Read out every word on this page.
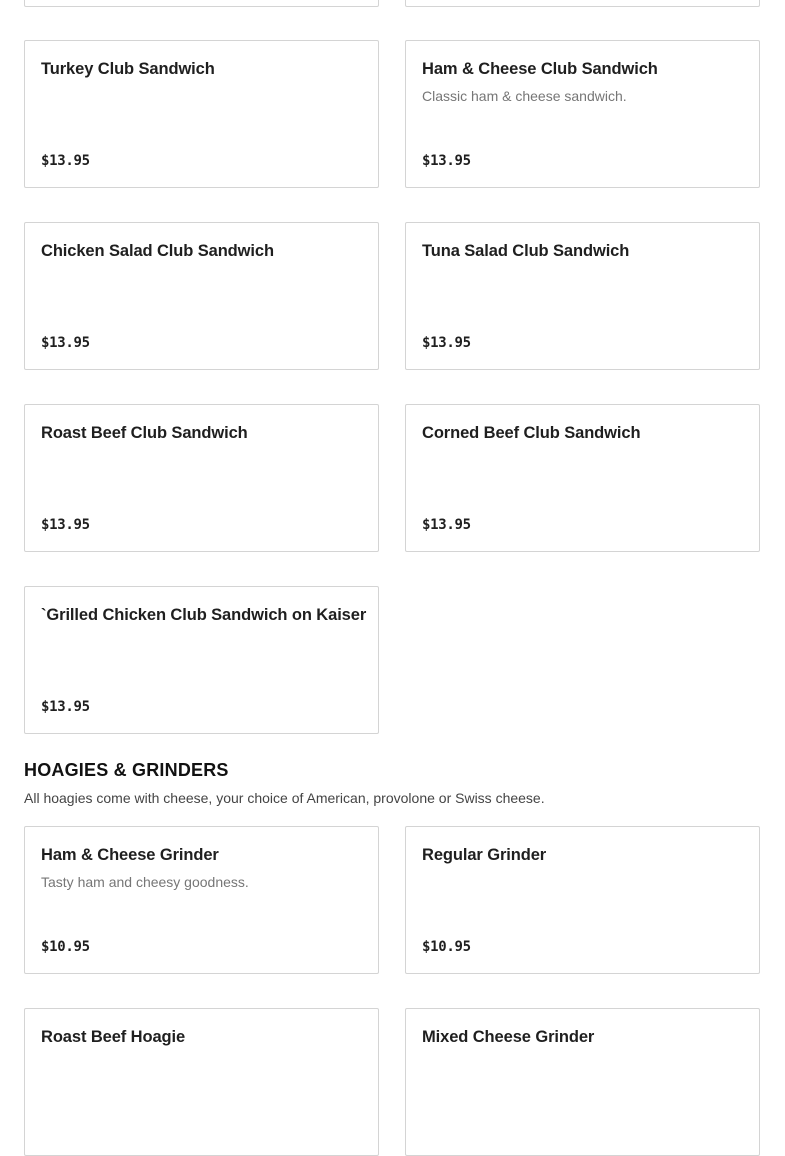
Turkey Club Sandwich
$13.95
Ham & Cheese Club Sandwich
Classic ham & cheese sandwich.
$13.95
Chicken Salad Club Sandwich
$13.95
Tuna Salad Club Sandwich
$13.95
Roast Beef Club Sandwich
$13.95
Corned Beef Club Sandwich
$13.95
`Grilled Chicken Club Sandwich on Kaiser
$13.95
HOAGIES & GRINDERS

All hoagies come with cheese, your choice of American, provolone or Swiss cheese.

Ham & Cheese Grinder
Tasty ham and cheesy goodness.
$10.95
Regular Grinder
$10.95
Roast Beef Hoagie	Mixed Cheese Grinder
